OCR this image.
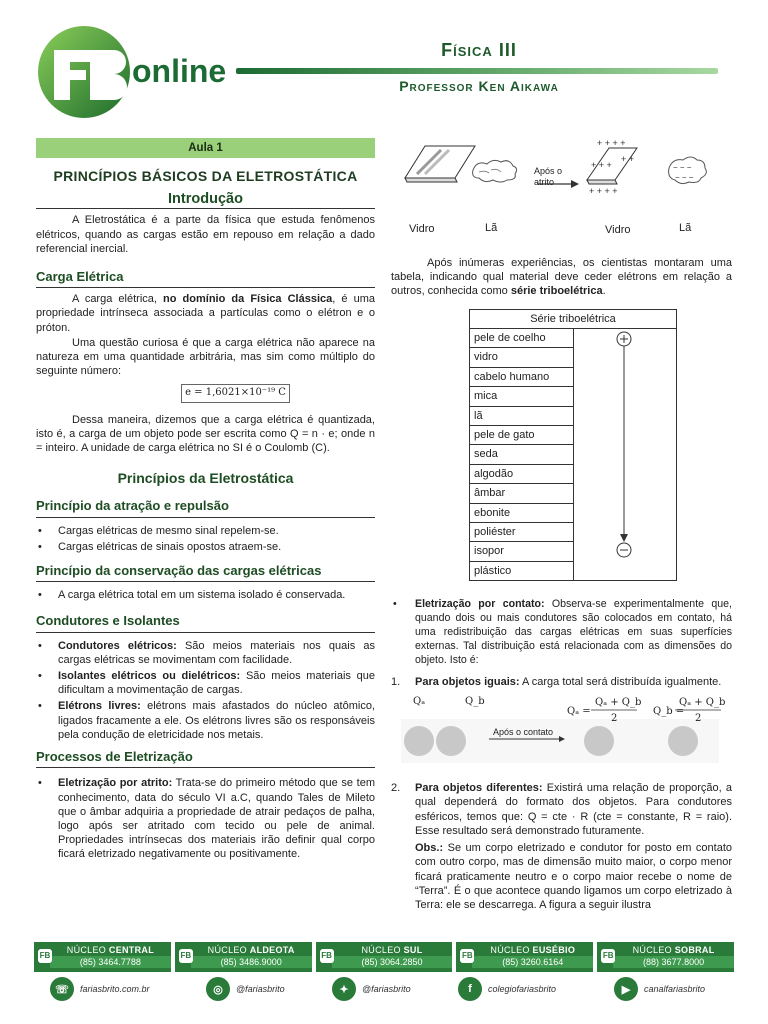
online
Física III
Professor Ken Aikawa
Aula 1
PRINCÍPIOS BÁSICOS DA ELETROSTÁTICA
Introdução
A Eletrostática é a parte da física que estuda fenômenos elétricos, quando as cargas estão em repouso em relação a dado referencial inercial.
Carga Elétrica
A carga elétrica, no domínio da Física Clássica, é uma propriedade intrínseca associada a partículas como o elétron e o próton.
Uma questão curiosa é que a carga elétrica não aparece na natureza em uma quantidade arbitrária, mas sim como múltiplo do seguinte número:
e = 1,6021×10⁻¹⁹ C
Dessa maneira, dizemos que a carga elétrica é quantizada, isto é, a carga de um objeto pode ser escrita como Q = n · e; onde n = inteiro. A unidade de carga elétrica no SI é o Coulomb (C).
Princípios da Eletrostática
Princípio da atração e repulsão
• Cargas elétricas de mesmo sinal repelem-se.
• Cargas elétricas de sinais opostos atraem-se.
Princípio da conservação das cargas elétricas
• A carga elétrica total em um sistema isolado é conservada.
Condutores e Isolantes
• Condutores elétricos: São meios materiais nos quais as cargas elétricas se movimentam com facilidade.
• Isolantes elétricos ou dielétricos: São meios materiais que dificultam a movimentação de cargas.
• Elétrons livres: elétrons mais afastados do núcleo atômico, ligados fracamente a ele. Os elétrons livres são os responsáveis pela condução de eletricidade nos metais.
Processos de Eletrização
• Eletrização por atrito: Trata-se do primeiro método que se tem conhecimento, data do século VI a.C, quando Tales de Mileto que o âmbar adquiria a propriedade de atrair pedaços de palha, logo após ser atritado com tecido ou pele de animal. Propriedades intrínsecas dos materiais irão definir qual corpo ficará eletrizado negativamente ou positivamente.
+ + + +
+ + +
+ + + +
+ +
− − −
− − −
Após o atrito
Vidro	Lã	Vidro	Lã
Após inúmeras experiências, os cientistas montaram uma tabela, indicando qual material deve ceder elétrons em relação a outros, conhecida como série triboelétrica.
Série triboelétrica
pele de coelho	

vidro
cabelo humano
mica
lã
pele de gato
seda
algodão
âmbar
ebonite
poliéster
isopor
plástico
• Eletrização por contato: Observa-se experimentalmente que, quando dois ou mais condutores são colocados em contato, há uma redistribuição das cargas elétricas em suas superfícies externas. Tal distribuição está relacionada com as dimensões do objeto. Isto é:
1. Para objetos iguais: A carga total será distribuída igualmente.
Qₐ	Q_b
Qₐ =
Qₐ + Q_b
2
Q_b =
Qₐ + Q_b
2
Após o contato
2. Para objetos diferentes: Existirá uma relação de proporção, a qual dependerá do formato dos objetos. Para condutores esféricos, temos que: Q = cte · R (cte = constante, R = raio). Esse resultado será demonstrado futuramente.
Obs.: Se um corpo eletrizado e condutor for posto em contato com outro corpo, mas de dimensão muito maior, o corpo menor ficará praticamente neutro e o corpo maior recebe o nome de “Terra”. É o que acontece quando ligamos um corpo eletrizado à Terra: ele se descarrega. A figura a seguir ilustra
FB
NÚCLEO CENTRAL
(85) 3464.7788
FB
NÚCLEO ALDEOTA
(85) 3486.9000
FB
NÚCLEO SUL
(85) 3064.2850
FB
NÚCLEO EUSÉBIO
(85) 3260.6164
FB
NÚCLEO SOBRAL
(88) 3677.8000
☏	fariasbrito.com.br	◎	@fariasbrito	✦	@fariasbrito	f	colegiofariasbrito	▶	canalfariasbrito
